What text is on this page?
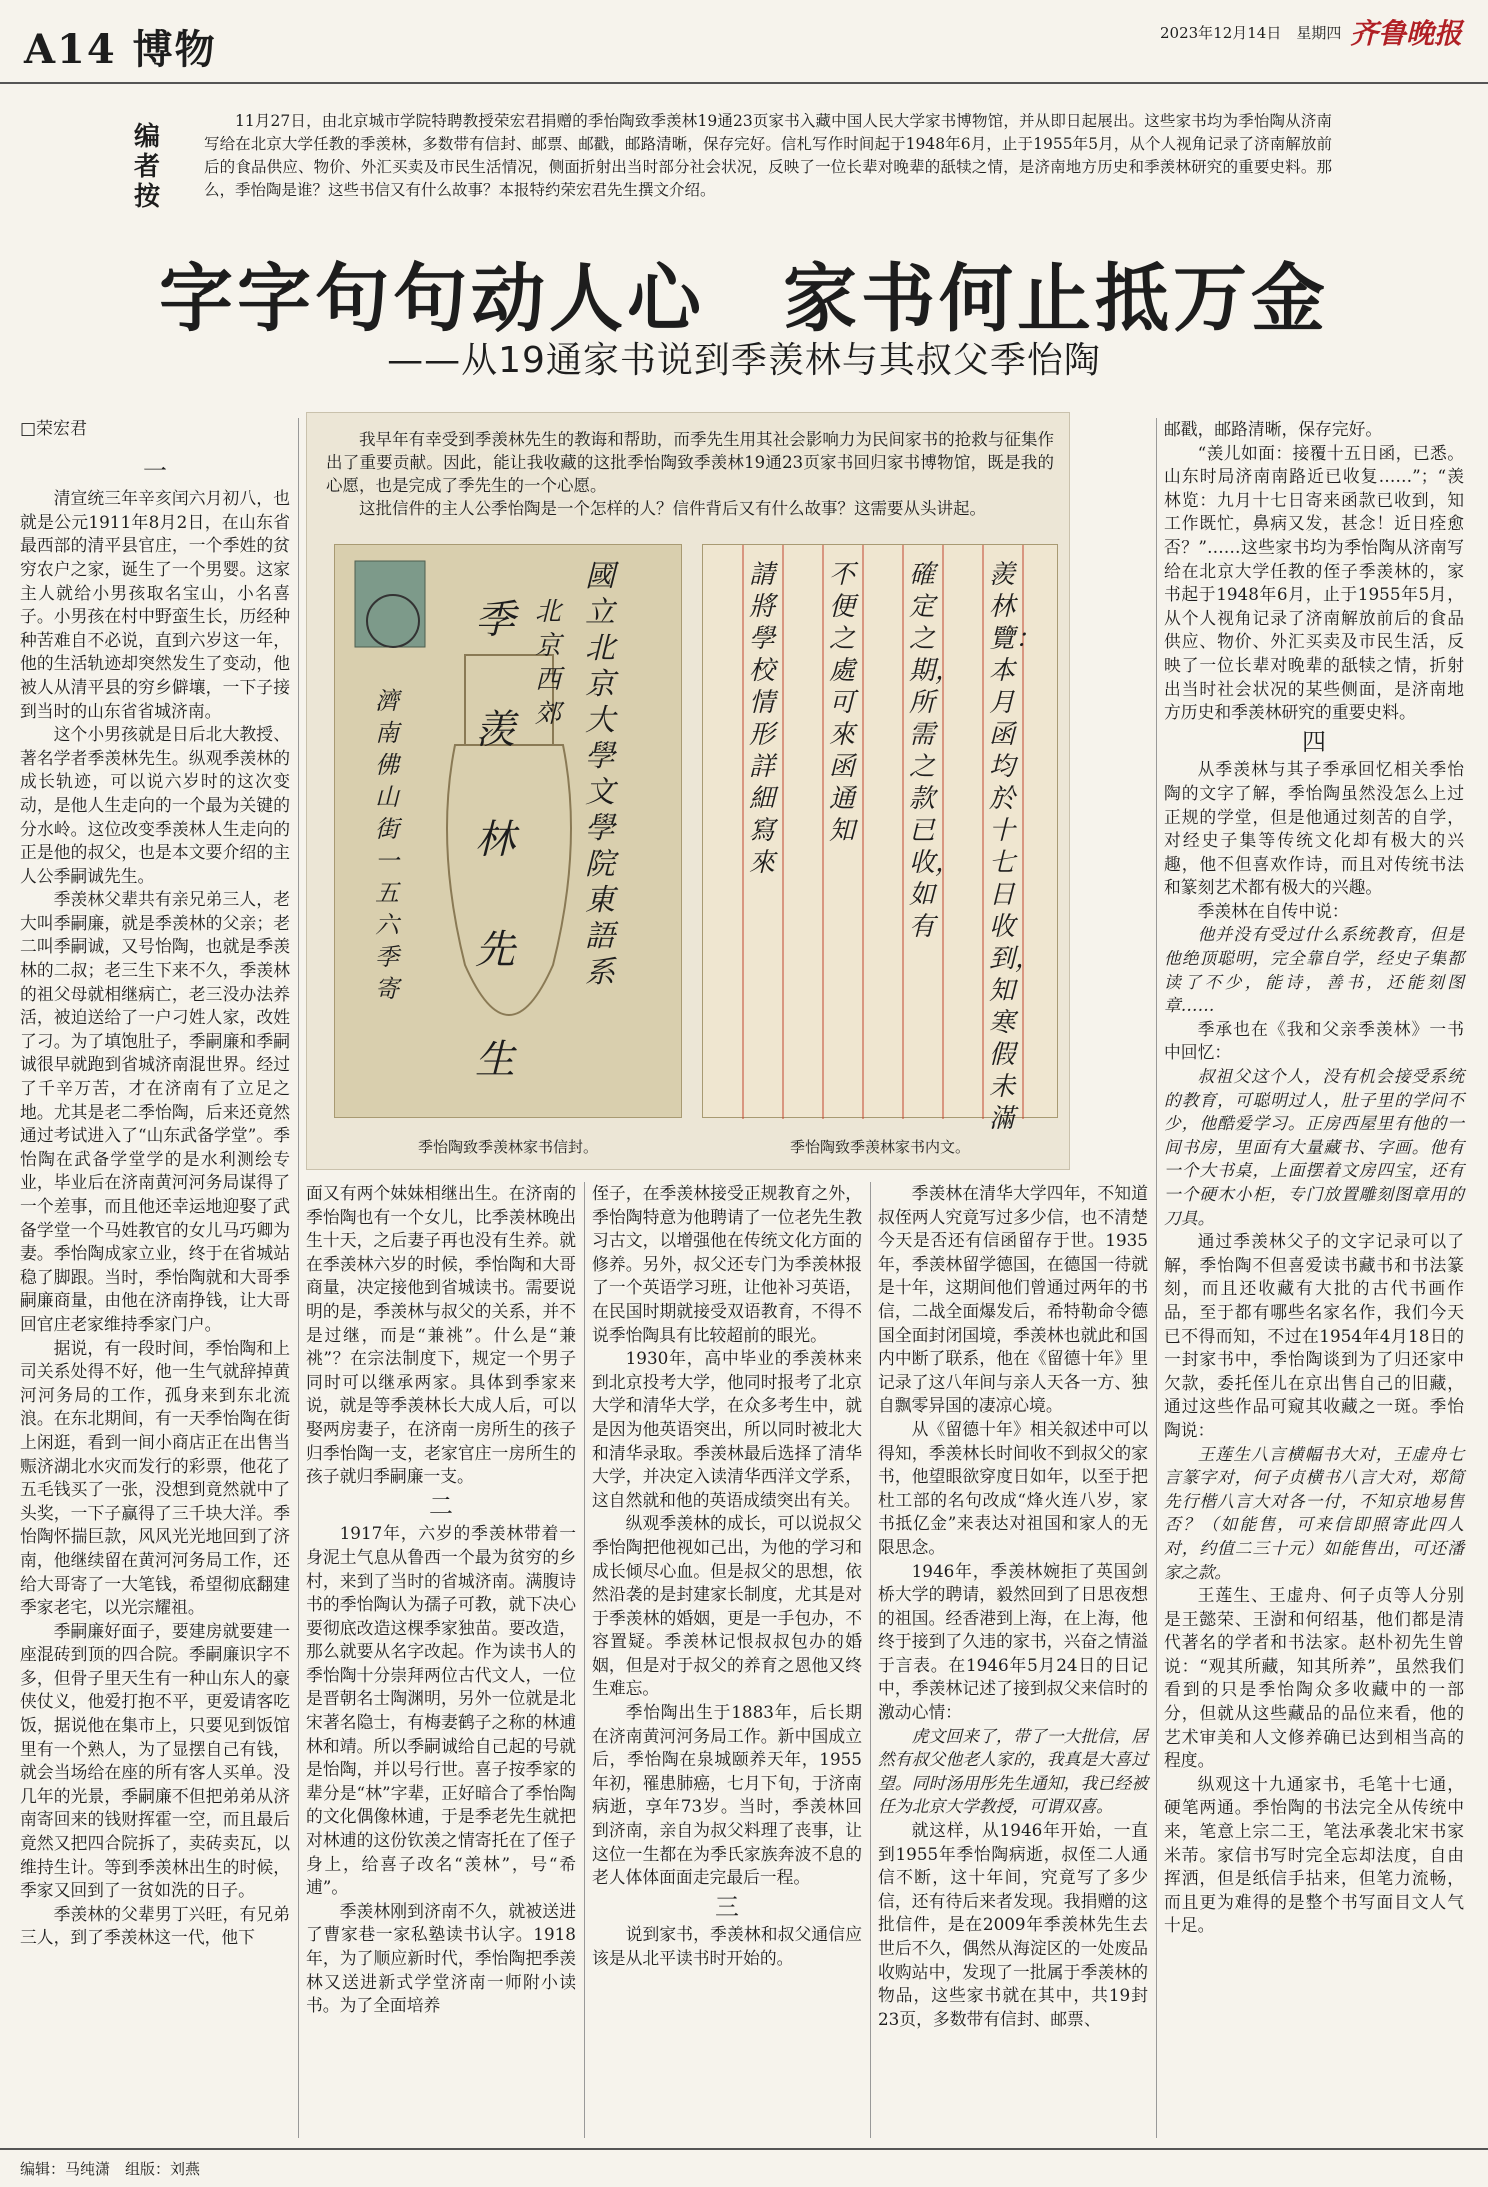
A14 博物	2023年12月14日　星期四 齐鲁晚报
编者按
11月27日，由北京城市学院特聘教授荣宏君捐赠的季怡陶致季羡林19通23页家书入藏中国人民大学家书博物馆，并从即日起展出。这些家书均为季怡陶从济南写给在北京大学任教的季羡林，多数带有信封、邮票、邮戳，邮路清晰，保存完好。信札写作时间起于1948年6月，止于1955年5月，从个人视角记录了济南解放前后的食品供应、物价、外汇买卖及市民生活情况，侧面折射出当时部分社会状况，反映了一位长辈对晚辈的舐犊之情，是济南地方历史和季羡林研究的重要史料。那么，季怡陶是谁？这些书信又有什么故事？本报特约荣宏君先生撰文介绍。
字字句句动人心　家书何止抵万金
——从19通家书说到季羡林与其叔父季怡陶
□荣宏君
一

清宣统三年辛亥闰六月初八，也就是公元1911年8月2日，在山东省最西部的清平县官庄，一个季姓的贫穷农户之家，诞生了一个男婴。这家主人就给小男孩取名宝山，小名喜子。小男孩在村中野蛮生长，历经种种苦难自不必说，直到六岁这一年，他的生活轨迹却突然发生了变动，他被人从清平县的穷乡僻壤，一下子接到当时的山东省省城济南。

这个小男孩就是日后北大教授、著名学者季羡林先生。纵观季羡林的成长轨迹，可以说六岁时的这次变动，是他人生走向的一个最为关键的分水岭。这位改变季羡林人生走向的正是他的叔父，也是本文要介绍的主人公季嗣诚先生。

季羡林父辈共有亲兄弟三人，老大叫季嗣廉，就是季羡林的父亲；老二叫季嗣诚，又号怡陶，也就是季羡林的二叔；老三生下来不久，季羡林的祖父母就相继病亡，老三没办法养活，被迫送给了一户刁姓人家，改姓了刁。为了填饱肚子，季嗣廉和季嗣诚很早就跑到省城济南混世界。经过了千辛万苦，才在济南有了立足之地。尤其是老二季怡陶，后来还竟然通过考试进入了“山东武备学堂”。季怡陶在武备学堂学的是水利测绘专业，毕业后在济南黄河河务局谋得了一个差事，而且他还幸运地迎娶了武备学堂一个马姓教官的女儿马巧卿为妻。季怡陶成家立业，终于在省城站稳了脚跟。当时，季怡陶就和大哥季嗣廉商量，由他在济南挣钱，让大哥回官庄老家维持季家门户。

据说，有一段时间，季怡陶和上司关系处得不好，他一生气就辞掉黄河河务局的工作，孤身来到东北流浪。在东北期间，有一天季怡陶在街上闲逛，看到一间小商店正在出售当赈济湖北水灾而发行的彩票，他花了五毛钱买了一张，没想到竟然就中了头奖，一下子赢得了三千块大洋。季怡陶怀揣巨款，风风光光地回到了济南，他继续留在黄河河务局工作，还给大哥寄了一大笔钱，希望彻底翻建季家老宅，以光宗耀祖。

季嗣廉好面子，要建房就要建一座混砖到顶的四合院。季嗣廉识字不多，但骨子里天生有一种山东人的豪侠仗义，他爱打抱不平，更爱请客吃饭，据说他在集市上，只要见到饭馆里有一个熟人，为了显摆自己有钱，就会当场给在座的所有客人买单。没几年的光景，季嗣廉不但把弟弟从济南寄回来的钱财挥霍一空，而且最后竟然又把四合院拆了，卖砖卖瓦，以维持生计。等到季羡林出生的时候，季家又回到了一贫如洗的日子。

季羡林的父辈男丁兴旺，有兄弟三人，到了季羡林这一代，他下

我早年有幸受到季羡林先生的教诲和帮助，而季先生用其社会影响力为民间家书的抢救与征集作出了重要贡献。因此，能让我收藏的这批季怡陶致季羡林19通23页家书回归家书博物馆，既是我的心愿，也是完成了季先生的一个心愿。

这批信件的主人公季怡陶是一个怎样的人？信件背后又有什么故事？这需要从头讲起。

國立北京大學文學院東語系
北京西郊
季羡林先生
濟南佛山街一五六季寄
季怡陶致季羡林家书信封。
羨林覽：本月函均於十七日收到，知寒假未滿
確定之期，所需之款已收，如有
不便之處可來函通知
請將學校情形詳細寫來
季怡陶致季羡林家书内文。

面又有两个妹妹相继出生。在济南的季怡陶也有一个女儿，比季羡林晚出生十天，之后妻子再也没有生养。就在季羡林六岁的时候，季怡陶和大哥商量，决定接他到省城读书。需要说明的是，季羡林与叔父的关系，并不是过继，而是“兼祧”。什么是“兼祧”？在宗法制度下，规定一个男子同时可以继承两家。具体到季家来说，就是等季羡林长大成人后，可以娶两房妻子，在济南一房所生的孩子归季怡陶一支，老家官庄一房所生的孩子就归季嗣廉一支。

二

1917年，六岁的季羡林带着一身泥土气息从鲁西一个最为贫穷的乡村，来到了当时的省城济南。满腹诗书的季怡陶认为孺子可教，就下决心要彻底改造这棵季家独苗。要改造，那么就要从名字改起。作为读书人的季怡陶十分崇拜两位古代文人，一位是晋朝名士陶渊明，另外一位就是北宋著名隐士，有梅妻鹤子之称的林逋林和靖。所以季嗣诚给自己起的号就是怡陶，并以号行世。喜子按季家的辈分是“林”字辈，正好暗合了季怡陶的文化偶像林逋，于是季老先生就把对林逋的这份钦羡之情寄托在了侄子身上，给喜子改名“羡林”，号“希逋”。

季羡林刚到济南不久，就被送进了曹家巷一家私塾读书认字。1918年，为了顺应新时代，季怡陶把季羡林又送进新式学堂济南一师附小读书。为了全面培养

侄子，在季羡林接受正规教育之外，季怡陶特意为他聘请了一位老先生教习古文，以增强他在传统文化方面的修养。另外，叔父还专门为季羡林报了一个英语学习班，让他补习英语，在民国时期就接受双语教育，不得不说季怡陶具有比较超前的眼光。

1930年，高中毕业的季羡林来到北京投考大学，他同时报考了北京大学和清华大学，在众多考生中，就是因为他英语突出，所以同时被北大和清华录取。季羡林最后选择了清华大学，并决定入读清华西洋文学系，这自然就和他的英语成绩突出有关。

纵观季羡林的成长，可以说叔父季怡陶把他视如己出，为他的学习和成长倾尽心血。但是叔父的思想，依然沿袭的是封建家长制度，尤其是对于季羡林的婚姻，更是一手包办，不容置疑。季羡林记恨叔叔包办的婚姻，但是对于叔父的养育之恩他又终生难忘。

季怡陶出生于1883年，后长期在济南黄河河务局工作。新中国成立后，季怡陶在泉城颐养天年，1955年初，罹患肺癌，七月下旬，于济南病逝，享年73岁。当时，季羡林回到济南，亲自为叔父料理了丧事，让这位一生都在为季氏家族奔波不息的老人体体面面走完最后一程。

三

说到家书，季羡林和叔父通信应该是从北平读书时开始的。

季羡林在清华大学四年，不知道叔侄两人究竟写过多少信，也不清楚今天是否还有信函留存于世。1935年，季羡林留学德国，在德国一待就是十年，这期间他们曾通过两年的书信，二战全面爆发后，希特勒命令德国全面封闭国境，季羡林也就此和国内中断了联系，他在《留德十年》里记录了这八年间与亲人天各一方、独自飘零异国的凄凉心境。

从《留德十年》相关叙述中可以得知，季羡林长时间收不到叔父的家书，他望眼欲穿度日如年，以至于把杜工部的名句改成“烽火连八岁，家书抵亿金”来表达对祖国和家人的无限思念。

1946年，季羡林婉拒了英国剑桥大学的聘请，毅然回到了日思夜想的祖国。经香港到上海，在上海，他终于接到了久违的家书，兴奋之情溢于言表。在1946年5月24日的日记中，季羡林记述了接到叔父来信时的激动心情：

虎文回来了，带了一大批信，居然有叔父他老人家的，我真是大喜过望。同时汤用彤先生通知，我已经被任为北京大学教授，可谓双喜。

就这样，从1946年开始，一直到1955年季怡陶病逝，叔侄二人通信不断，这十年间，究竟写了多少信，还有待后来者发现。我捐赠的这批信件，是在2009年季羡林先生去世后不久，偶然从海淀区的一处废品收购站中，发现了一批属于季羡林的物品，这些家书就在其中，共19封23页，多数带有信封、邮票、

邮戳，邮路清晰，保存完好。

“羡儿如面：接覆十五日函，已悉。山东时局济南南路近已收复……”；“羡林览：九月十七日寄来函款已收到，知工作既忙，鼻病又发，甚念！近日痊愈否？”……这些家书均为季怡陶从济南写给在北京大学任教的侄子季羡林的，家书起于1948年6月，止于1955年5月，从个人视角记录了济南解放前后的食品供应、物价、外汇买卖及市民生活，反映了一位长辈对晚辈的舐犊之情，折射出当时社会状况的某些侧面，是济南地方历史和季羡林研究的重要史料。

四

从季羡林与其子季承回忆相关季怡陶的文字了解，季怡陶虽然没怎么上过正规的学堂，但是他通过刻苦的自学，对经史子集等传统文化却有极大的兴趣，他不但喜欢作诗，而且对传统书法和篆刻艺术都有极大的兴趣。

季羡林在自传中说：

他并没有受过什么系统教育，但是他绝顶聪明，完全靠自学，经史子集都读了不少，能诗，善书，还能刻图章……

季承也在《我和父亲季羡林》一书中回忆：

叔祖父这个人，没有机会接受系统的教育，可聪明过人，肚子里的学问不少，他酷爱学习。正房西屋里有他的一间书房，里面有大量藏书、字画。他有一个大书桌，上面摆着文房四宝，还有一个硬木小柜，专门放置雕刻图章用的刀具。

通过季羡林父子的文字记录可以了解，季怡陶不但喜爱读书藏书和书法篆刻，而且还收藏有大批的古代书画作品，至于都有哪些名家名作，我们今天已不得而知，不过在1954年4月18日的一封家书中，季怡陶谈到为了归还家中欠款，委托侄儿在京出售自己的旧藏，通过这些作品可窥其收藏之一斑。季怡陶说：

王莲生八言横幅书大对，王虚舟七言篆字对，何子贞横书八言大对，郑简先行楷八言大对各一付，不知京地易售否？（如能售，可来信即照寄此四人对，约值二三十元）如能售出，可还潘家之款。

王莲生、王虚舟、何子贞等人分别是王懿荣、王澍和何绍基，他们都是清代著名的学者和书法家。赵朴初先生曾说：“观其所藏，知其所养”，虽然我们看到的只是季怡陶众多收藏中的一部分，但就从这些藏品的品位来看，他的艺术审美和人文修养确已达到相当高的程度。

纵观这十九通家书，毛笔十七通，硬笔两通。季怡陶的书法完全从传统中来，笔意上宗二王，笔法承袭北宋书家米芾。家信书写时完全忘却法度，自由挥洒，但是纸信手拈来，但笔力流畅，而且更为难得的是整个书写面目文人气十足。

编辑：马纯潇　组版：刘燕
